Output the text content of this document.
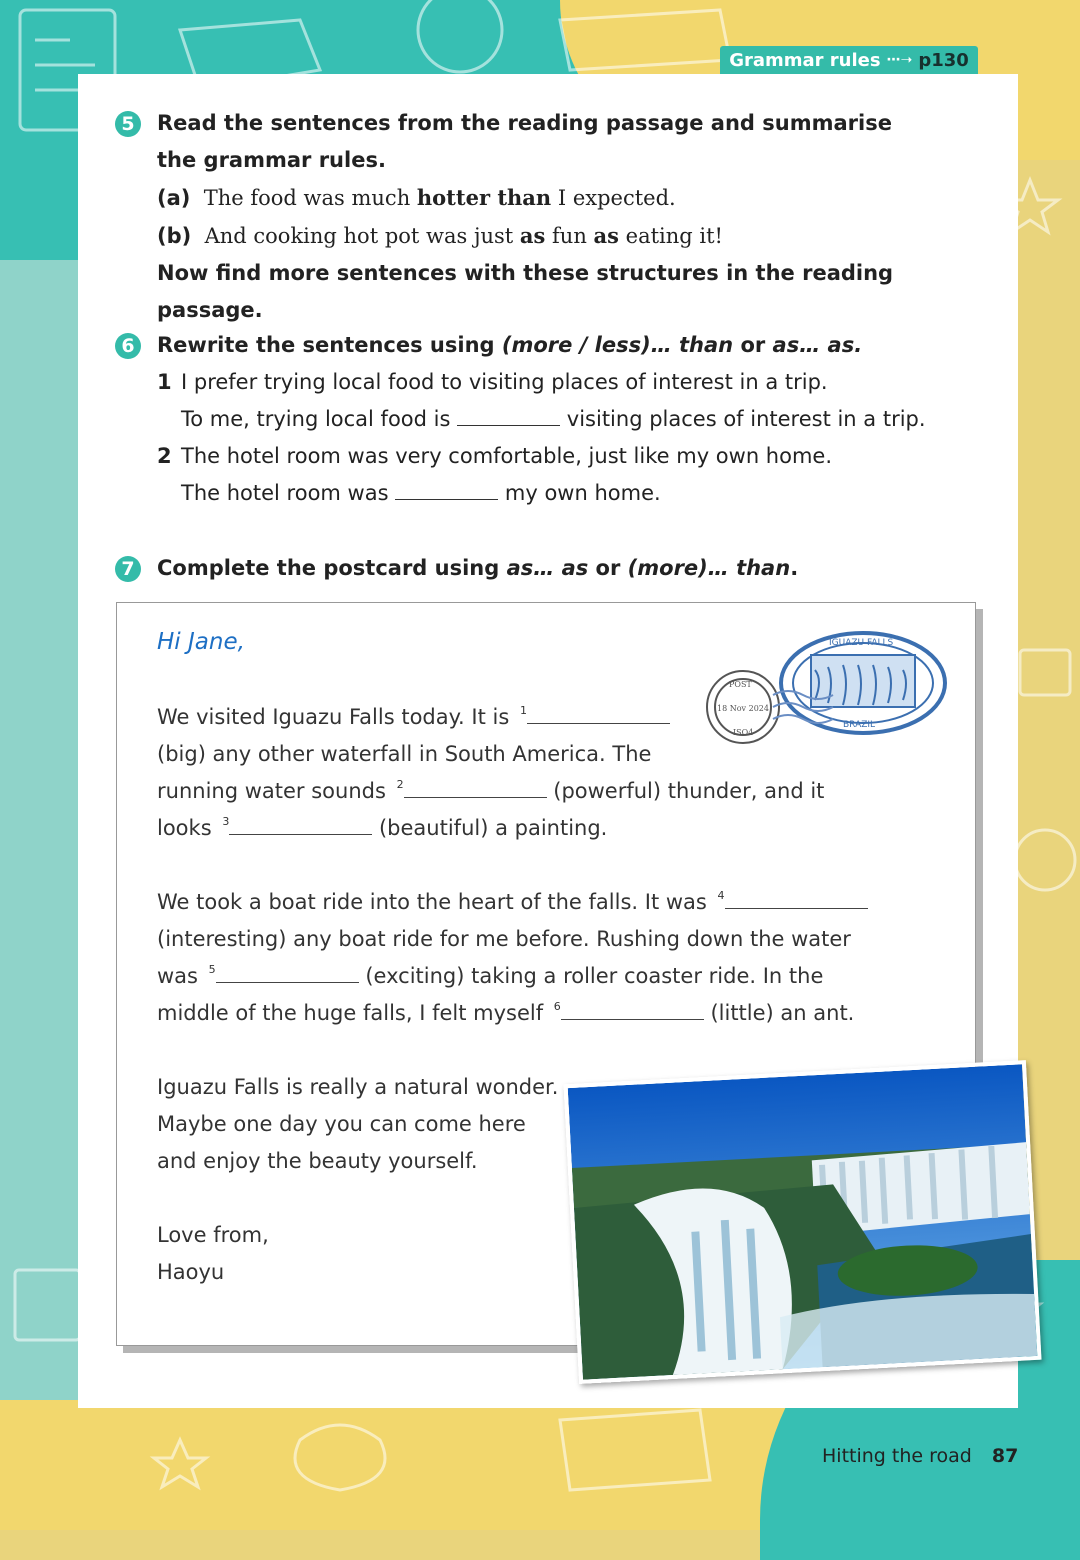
Grammar rules ⋯➝ p130
5	Read the sentences from the reading passage and summarise the grammar rules.
(a) The food was much hotter than I expected.
(b) And cooking hot pot was just as fun as eating it!
Now find more sentences with these structures in the reading passage.
6	Rewrite the sentences using (more / less)… than or as… as.
1 I prefer trying local food to visiting places of interest in a trip.
To me, trying local food is	visiting places of interest in a trip.
2 The hotel room was very comfortable, just like my own home.
The hotel room was	my own home.
7	Complete the postcard using as… as or (more)… than.
Hi Jane,	IGUAZU FALLS
BRAZIL
POST
18 Nov 2024
ISO4
We visited Iguazu Falls today. It is $^1$
(big) any other waterfall in South America. The
running water sounds $^2$	(powerful) thunder, and it
looks $^3$	(beautiful) a painting.
We took a boat ride into the heart of the falls. It was $^4$
(interesting) any boat ride for me before. Rushing down the water
was $^5$	(exciting) taking a roller coaster ride. In the
middle of the huge falls, I felt myself $^6$	(little) an ant.
Iguazu Falls is really a natural wonder.
Maybe one day you can come here
and enjoy the beauty yourself.
Love from,
Haoyu
Hitting the road 87
